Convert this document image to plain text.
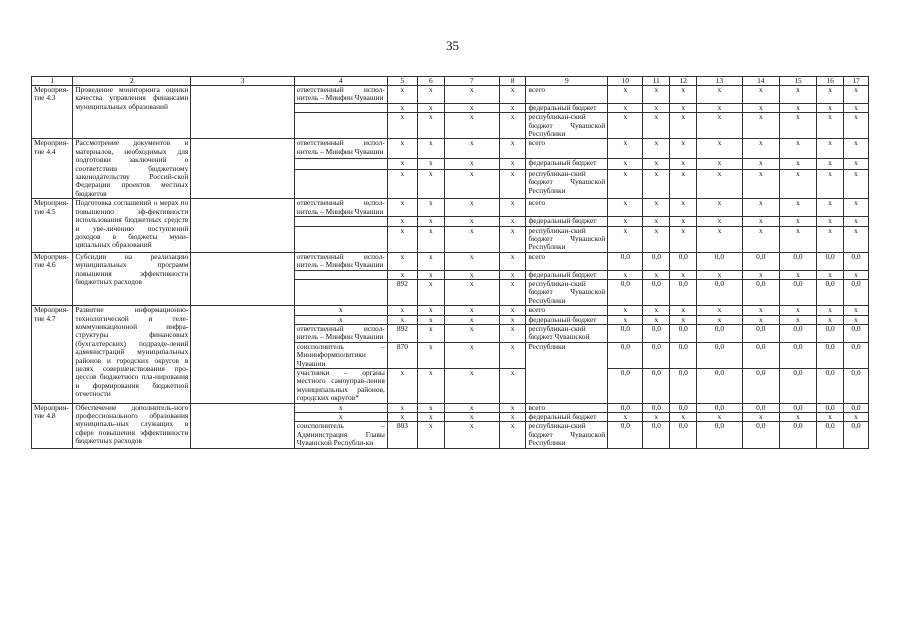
35
1	2	3	4	5	6	7	8	9	10	11	12	13	14	15	16	17
Мероприя-тие 4.3	Проведение мониторинга оценки качества управления финансами муниципальных образований		ответственный испол-нитель – Минфин Чувашии	x	x	x	x	всего	x	x	x	x	x	x	x	x
				x	x	x	x	федеральный бюджет	x	x	x	x	x	x	x	x
				x	x	x	x	республикан-ский бюджет Чувашской Республики	x	x	x	x	x	x	x	x
Мероприя-тие 4.4	Рассмотрение документов и материалов, необходимых для подготовки заключений о соответствии бюджетному законодательству Россий-ской Федерации проектов местных бюджетов		ответственный испол-нитель – Минфин Чувашии	x	x	x	x	всего	x	x	x	x	x	x	x	x
				x	x	x	x	федеральный бюджет	x	x	x	x	x	x	x	x
				x	x	x	x	республикан-ский бюджет Чувашской Республики	x	x	x	x	x	x	x	x
Мероприя-тие 4.5	Подготовка соглашений о мерах по повышению эф-фективности использования бюджетных средств и уве-личению поступлений доходов в бюджеты муни-ципальных образований		ответственный испол-нитель – Минфин Чувашии	x	x	x	x	всего	x	x	x	x	x	x	x	x
				x	x	x	x	федеральный бюджет	x	x	x	x	x	x	x	x
				x	x	x	x	республикан-ский бюджет Чувашской Республики	x	x	x	x	x	x	x	x
Мероприя-тие 4.6	Субсидии на реализацию муниципальных программ повышения эффективности бюджетных расходов		ответственный испол-нитель – Минфин Чувашии	x	x	x	x	всего	0,0	0,0	0,0	0,0	0,0	0,0	0,0	0,0
				x	x	x	x	федеральный бюджет	x	x	x	x	x	x	x	x
				892	x	x	x	республикан-ский бюджет Чувашской Республики	0,0	0,0	0,0	0,0	0,0	0,0	0,0	0,0
Мероприя-тие 4.7	Развитие информационно-технологической и теле-коммуникационной инфра-структуры финансовых (бухгалтерских) подразде-лений администраций муниципальных районов и городских округов в целях совершенствования про-цессов бюджетного пла-нирования и формирования бюджетной отчетности		x	x	x	x	x	всего	x	x	x	x	x	x	x	x
			x	x	x	x	x	федеральный бюджет	x	x	x	x	x	x	x	x
			ответственный испол-нитель – Минфин Чувашии	892	x	x	x	республикан-ский бюджет Чувашской	0,0	0,0	0,0	0,0	0,0	0,0	0,0	0,0
			соисполнитель – Мининформполитики Чувашии	870	x	x	x	Республики	0,0	0,0	0,0	0,0	0,0	0,0	0,0	0,0
			участники – органы местного самоуправ-ления муниципальных районов, городских округов*	x	x	x	x		0,0	0,0	0,0	0,0	0,0	0,0	0,0	0,0
Мероприя-тие 4.8	Обеспечение дополнитель-ного профессионального образования муниципаль-ных служащих в сфере повышения эффективности бюджетных расходов		x	x	x	x	x	всего	0,0	0,0	0,0	0,0	0,0	0,0	0,0	0,0
			x	x	x	x	x	федеральный бюджет	x	x	x	x	x	x	x	x
			соисполнитель – Администрация Главы Чувашской Республи-ки	803	x	x	x	республикан-ский бюджет Чувашской Республики	0,0	0,0	0,0	0,0	0,0	0,0	0,0	0,0
